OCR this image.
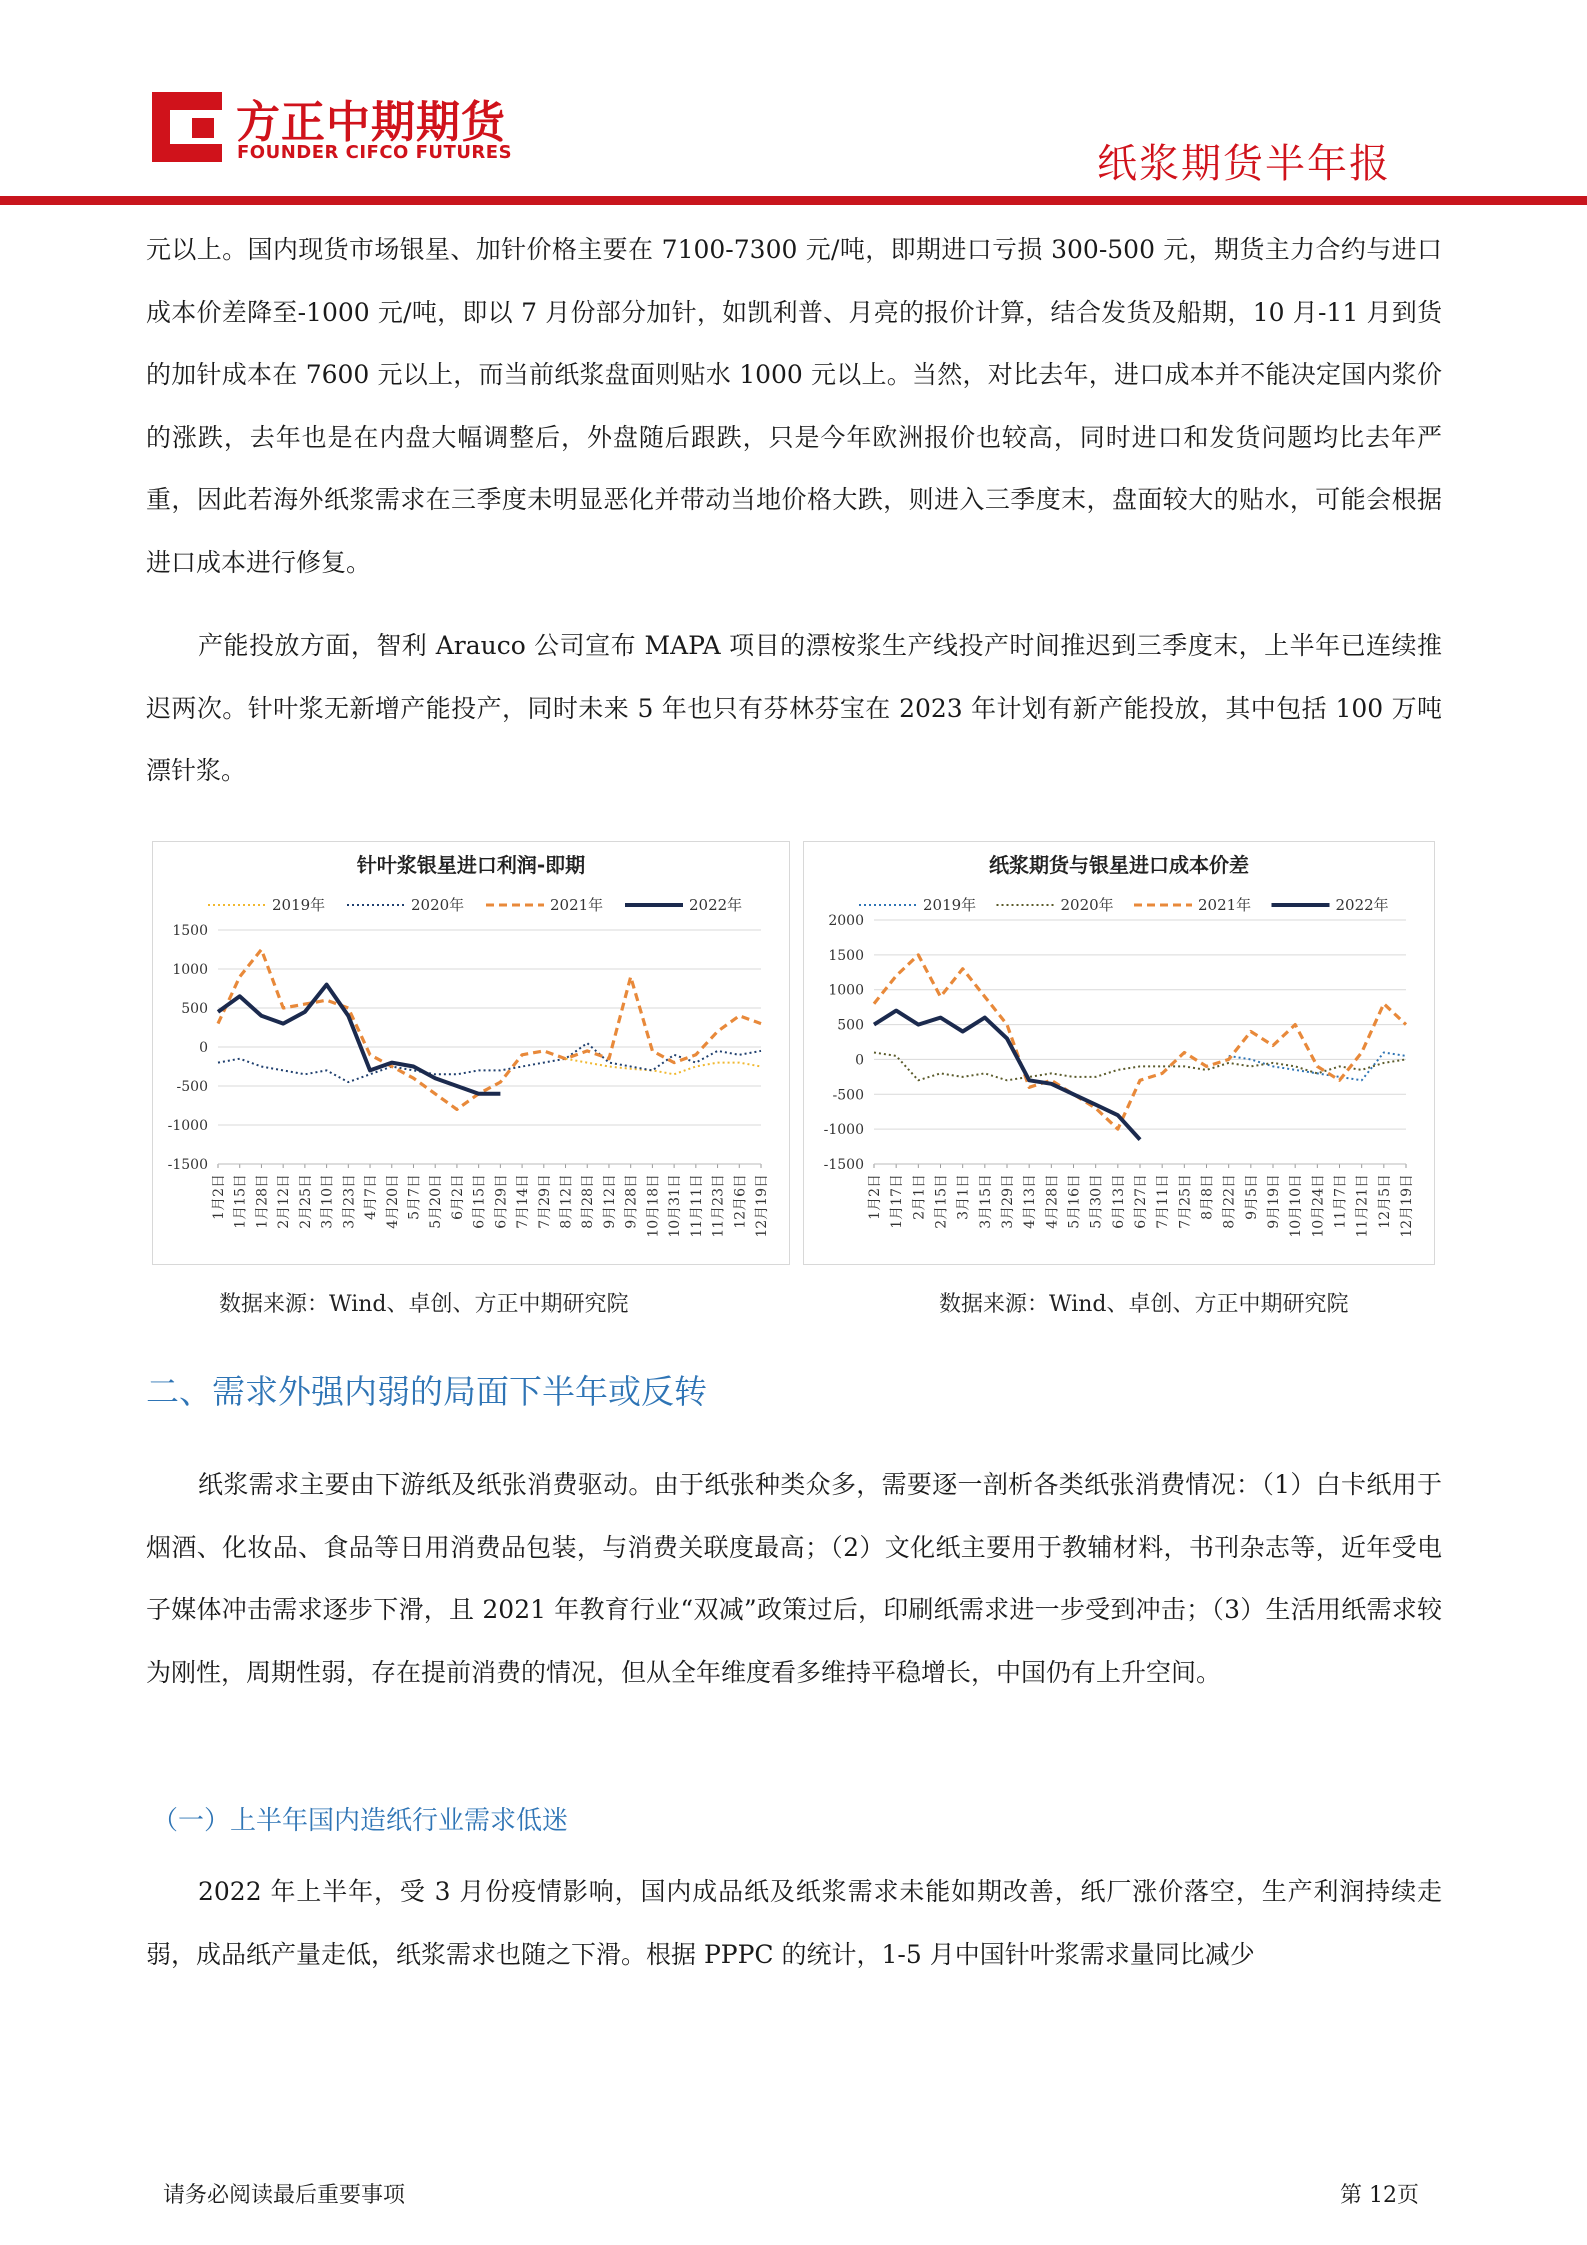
方正中期期货
FOUNDER CIFCO FUTURES	纸浆期货半年报

元以上。国内现货市场银星、加针价格主要在 7100-7300 元/吨，即期进口亏损 300-500 元，期货主力合约与进口成本价差降至-1000 元/吨，即以 7 月份部分加针，如凯利普、月亮的报价计算，结合发货及船期，10 月-11 月到货的加针成本在 7600 元以上，而当前纸浆盘面则贴水 1000 元以上。当然，对比去年，进口成本并不能决定国内浆价的涨跌，去年也是在内盘大幅调整后，外盘随后跟跌，只是今年欧洲报价也较高，同时进口和发货问题均比去年严重，因此若海外纸浆需求在三季度未明显恶化并带动当地价格大跌，则进入三季度末，盘面较大的贴水，可能会根据进口成本进行修复。

产能投放方面，智利 Arauco 公司宣布 MAPA 项目的漂桉浆生产线投产时间推迟到三季度末，上半年已连续推迟两次。针叶浆无新增产能投产，同时未来 5 年也只有芬林芬宝在 2023 年计划有新产能投放，其中包括 100 万吨漂针浆。

针叶浆银星进口利润-即期
2019年	2020年	2021年	2022年
1500
1000
500
0
-500
-1000
-1500
1月2日 1月15日 1月28日 2月12日 2月25日 3月10日 3月23日 4月7日 4月20日 5月7日 5月20日 6月2日 6月15日 6月29日 7月14日 7月29日 8月12日 8月28日 9月12日 9月28日 10月18日 10月31日 11月11日 11月23日 12月6日 12月19日
纸浆期货与银星进口成本价差
2019年	2020年	2021年	2022年
2000
1500
1000
500
0
-500
-1000
-1500
1月2日 1月17日 2月1日 2月15日 3月1日 3月15日 3月29日 4月13日 4月28日 5月16日 5月30日 6月13日 6月27日 7月11日 7月25日 8月8日 8月22日 9月5日 9月19日 10月10日 10月24日 11月7日 11月21日 12月5日 12月19日
数据来源：Wind、卓创、方正中期研究院	数据来源：Wind、卓创、方正中期研究院
二、需求外强内弱的局面下半年或反转

纸浆需求主要由下游纸及纸张消费驱动。由于纸张种类众多，需要逐一剖析各类纸张消费情况：（1）白卡纸用于烟酒、化妆品、食品等日用消费品包装，与消费关联度最高；（2）文化纸主要用于教辅材料，书刊杂志等，近年受电子媒体冲击需求逐步下滑，且 2021 年教育行业“双减”政策过后，印刷纸需求进一步受到冲击；（3）生活用纸需求较为刚性，周期性弱，存在提前消费的情况，但从全年维度看多维持平稳增长，中国仍有上升空间。

（一）上半年国内造纸行业需求低迷

2022 年上半年，受 3 月份疫情影响，国内成品纸及纸浆需求未能如期改善，纸厂涨价落空，生产利润持续走弱，成品纸产量走低，纸浆需求也随之下滑。根据 PPPC 的统计，1-5 月中国针叶浆需求量同比减少

请务必阅读最后重要事项	第 12页
